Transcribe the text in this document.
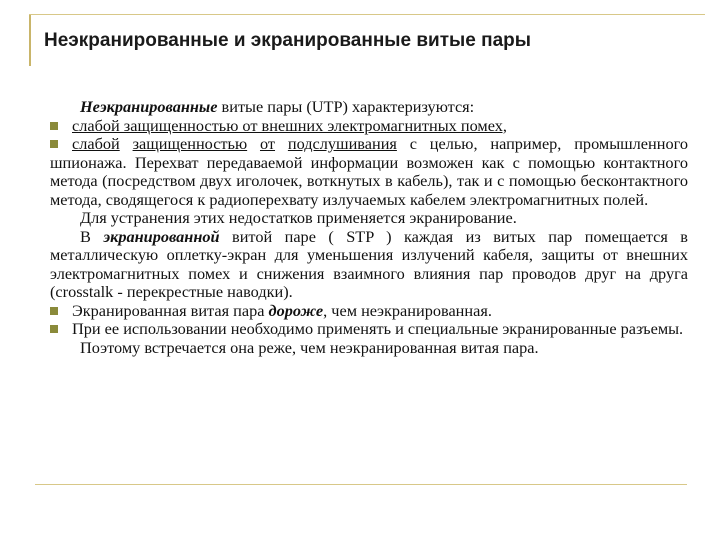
Неэкранированные и экранированные витые пары

Неэкранированные витые пары (UTP) характеризуются:

слабой защищенностью от внешних электромагнитных помех,

слабой защищенностью от подслушивания с целью, например, промышленного шпионажа. Перехват передаваемой информации возможен как с помощью контактного метода (посредством двух иголочек, воткнутых в кабель), так и с помощью бесконтактного метода, сводящегося к радиоперехвату излучаемых кабелем электромагнитных полей.

Для устранения этих недостатков применяется экранирование.

В экранированной витой паре ( STP ) каждая из витых пар помещается в металлическую оплетку-экран для уменьшения излучений кабеля, защиты от внешних электромагнитных помех и снижения взаимного влияния пар проводов друг на друга (crosstalk - перекрестные наводки).

Экранированная витая пара дороже, чем неэкранированная.

При ее использовании необходимо применять и специальные экранированные разъемы.

Поэтому встречается она реже, чем неэкранированная витая пара.
